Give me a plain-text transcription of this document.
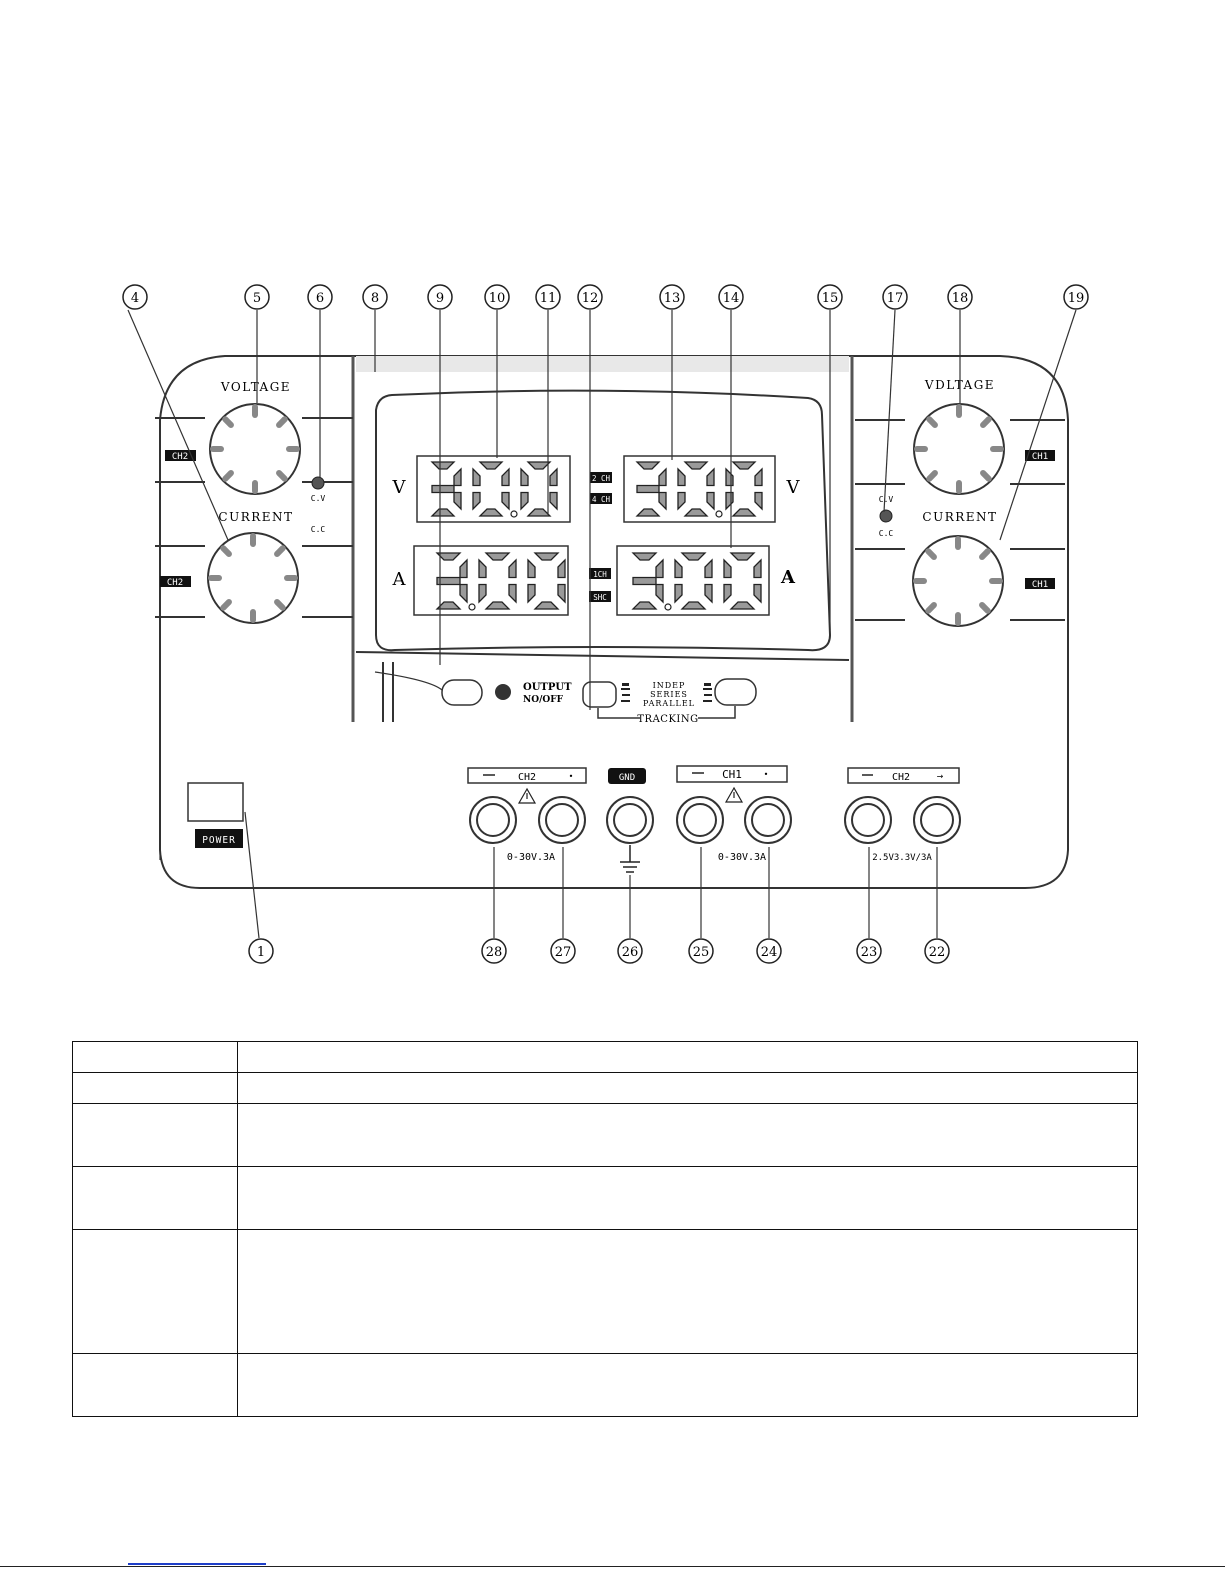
VOLTAGE
CURRENT
CH2
CH2
C.V
C.C
VDLTAGE
CURRENT
CH1
CH1
C.V
C.C
V	V
A	A
2 CH
4 CH
1CH
SHC
OUTPUT
NO/OFF
INDEP
SERIES
PARALLEL
TRACKING
POWER
CH2	•	GND	CH1	•	CH2	→
0-30V.3A	0-30V.3A	2.5V3.3V/3A
4	5	6	8	9	10	11 12	13	14	15	17	18	19
1	28	27	26	25	24	23	22
